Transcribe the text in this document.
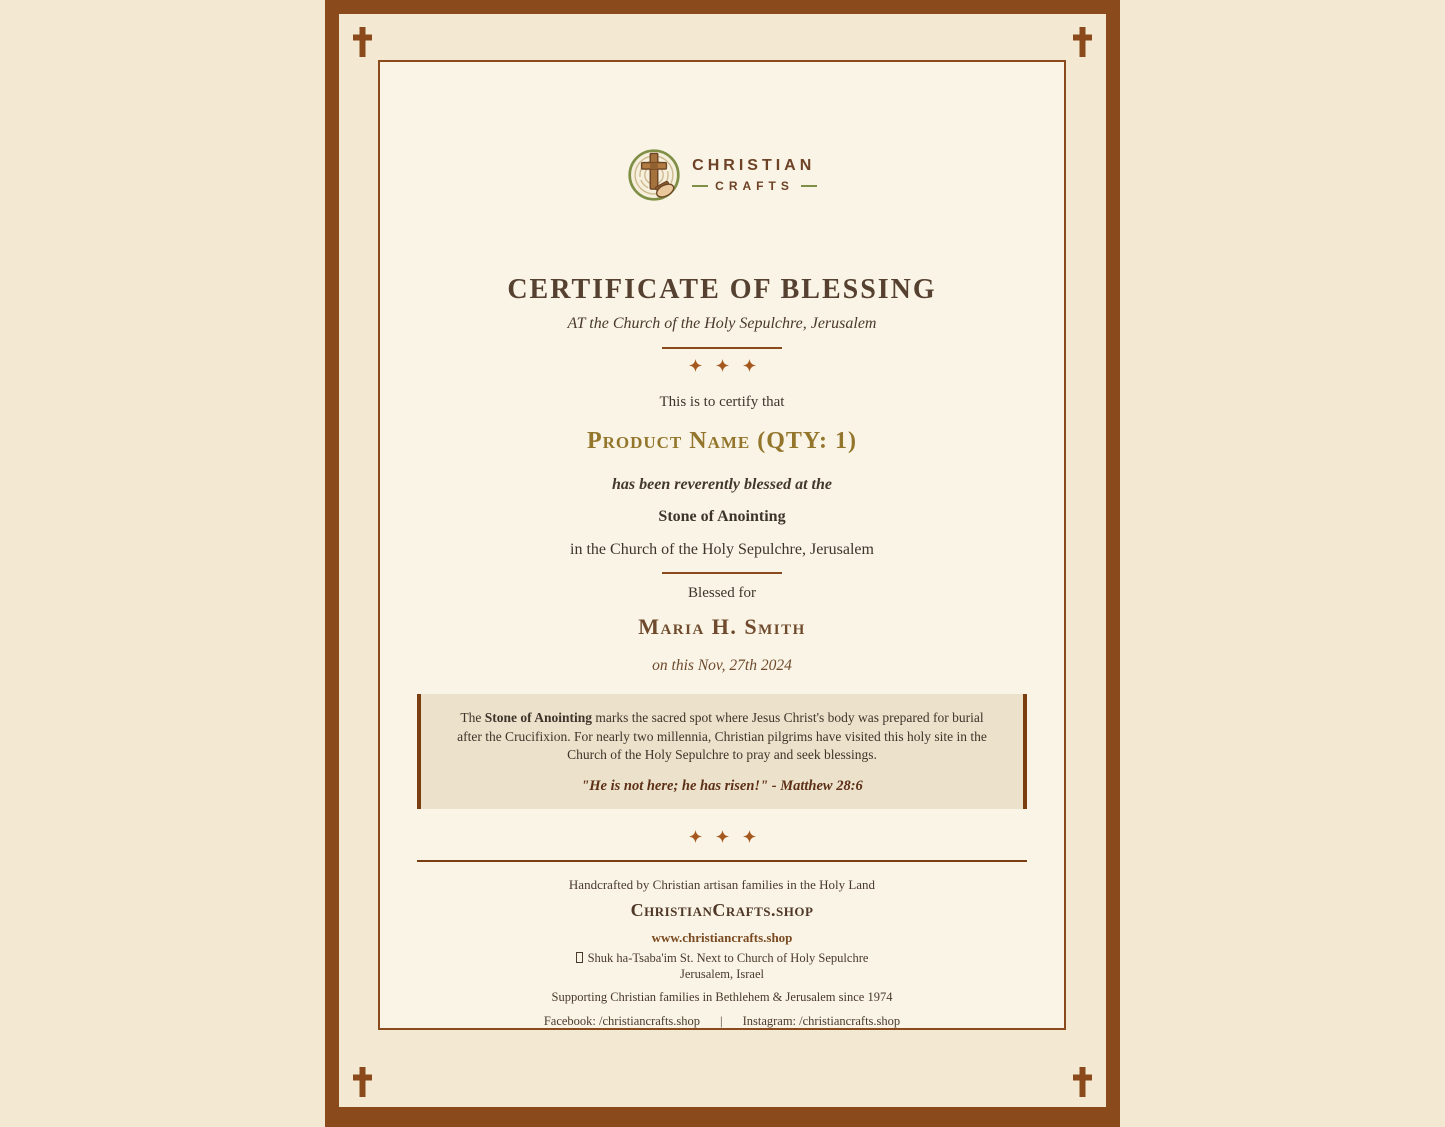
CHRISTIAN
CRAFTS
CERTIFICATE OF BLESSING
AT the Church of the Holy Sepulchre, Jerusalem
This is to certify that
Product Name (QTY: 1)
has been reverently blessed at the
Stone of Anointing
in the Church of the Holy Sepulchre, Jerusalem
Blessed for
Maria H. Smith
on this Nov, 27th 2024
The Stone of Anointing marks the sacred spot where Jesus Christ's body was prepared for burial after the Crucifixion. For nearly two millennia, Christian pilgrims have visited this holy site in the Church of the Holy Sepulchre to pray and seek blessings.
"He is not here; he has risen!" - Matthew 28:6
Handcrafted by Christian artisan families in the Holy Land
ChristianCrafts.shop
www.christiancrafts.shop
Shuk ha-Tsaba'im St. Next to Church of Holy Sepulchre
Jerusalem, Israel
Supporting Christian families in Bethlehem & Jerusalem since 1974
Facebook: /christiancrafts.shop | Instagram: /christiancrafts.shop
